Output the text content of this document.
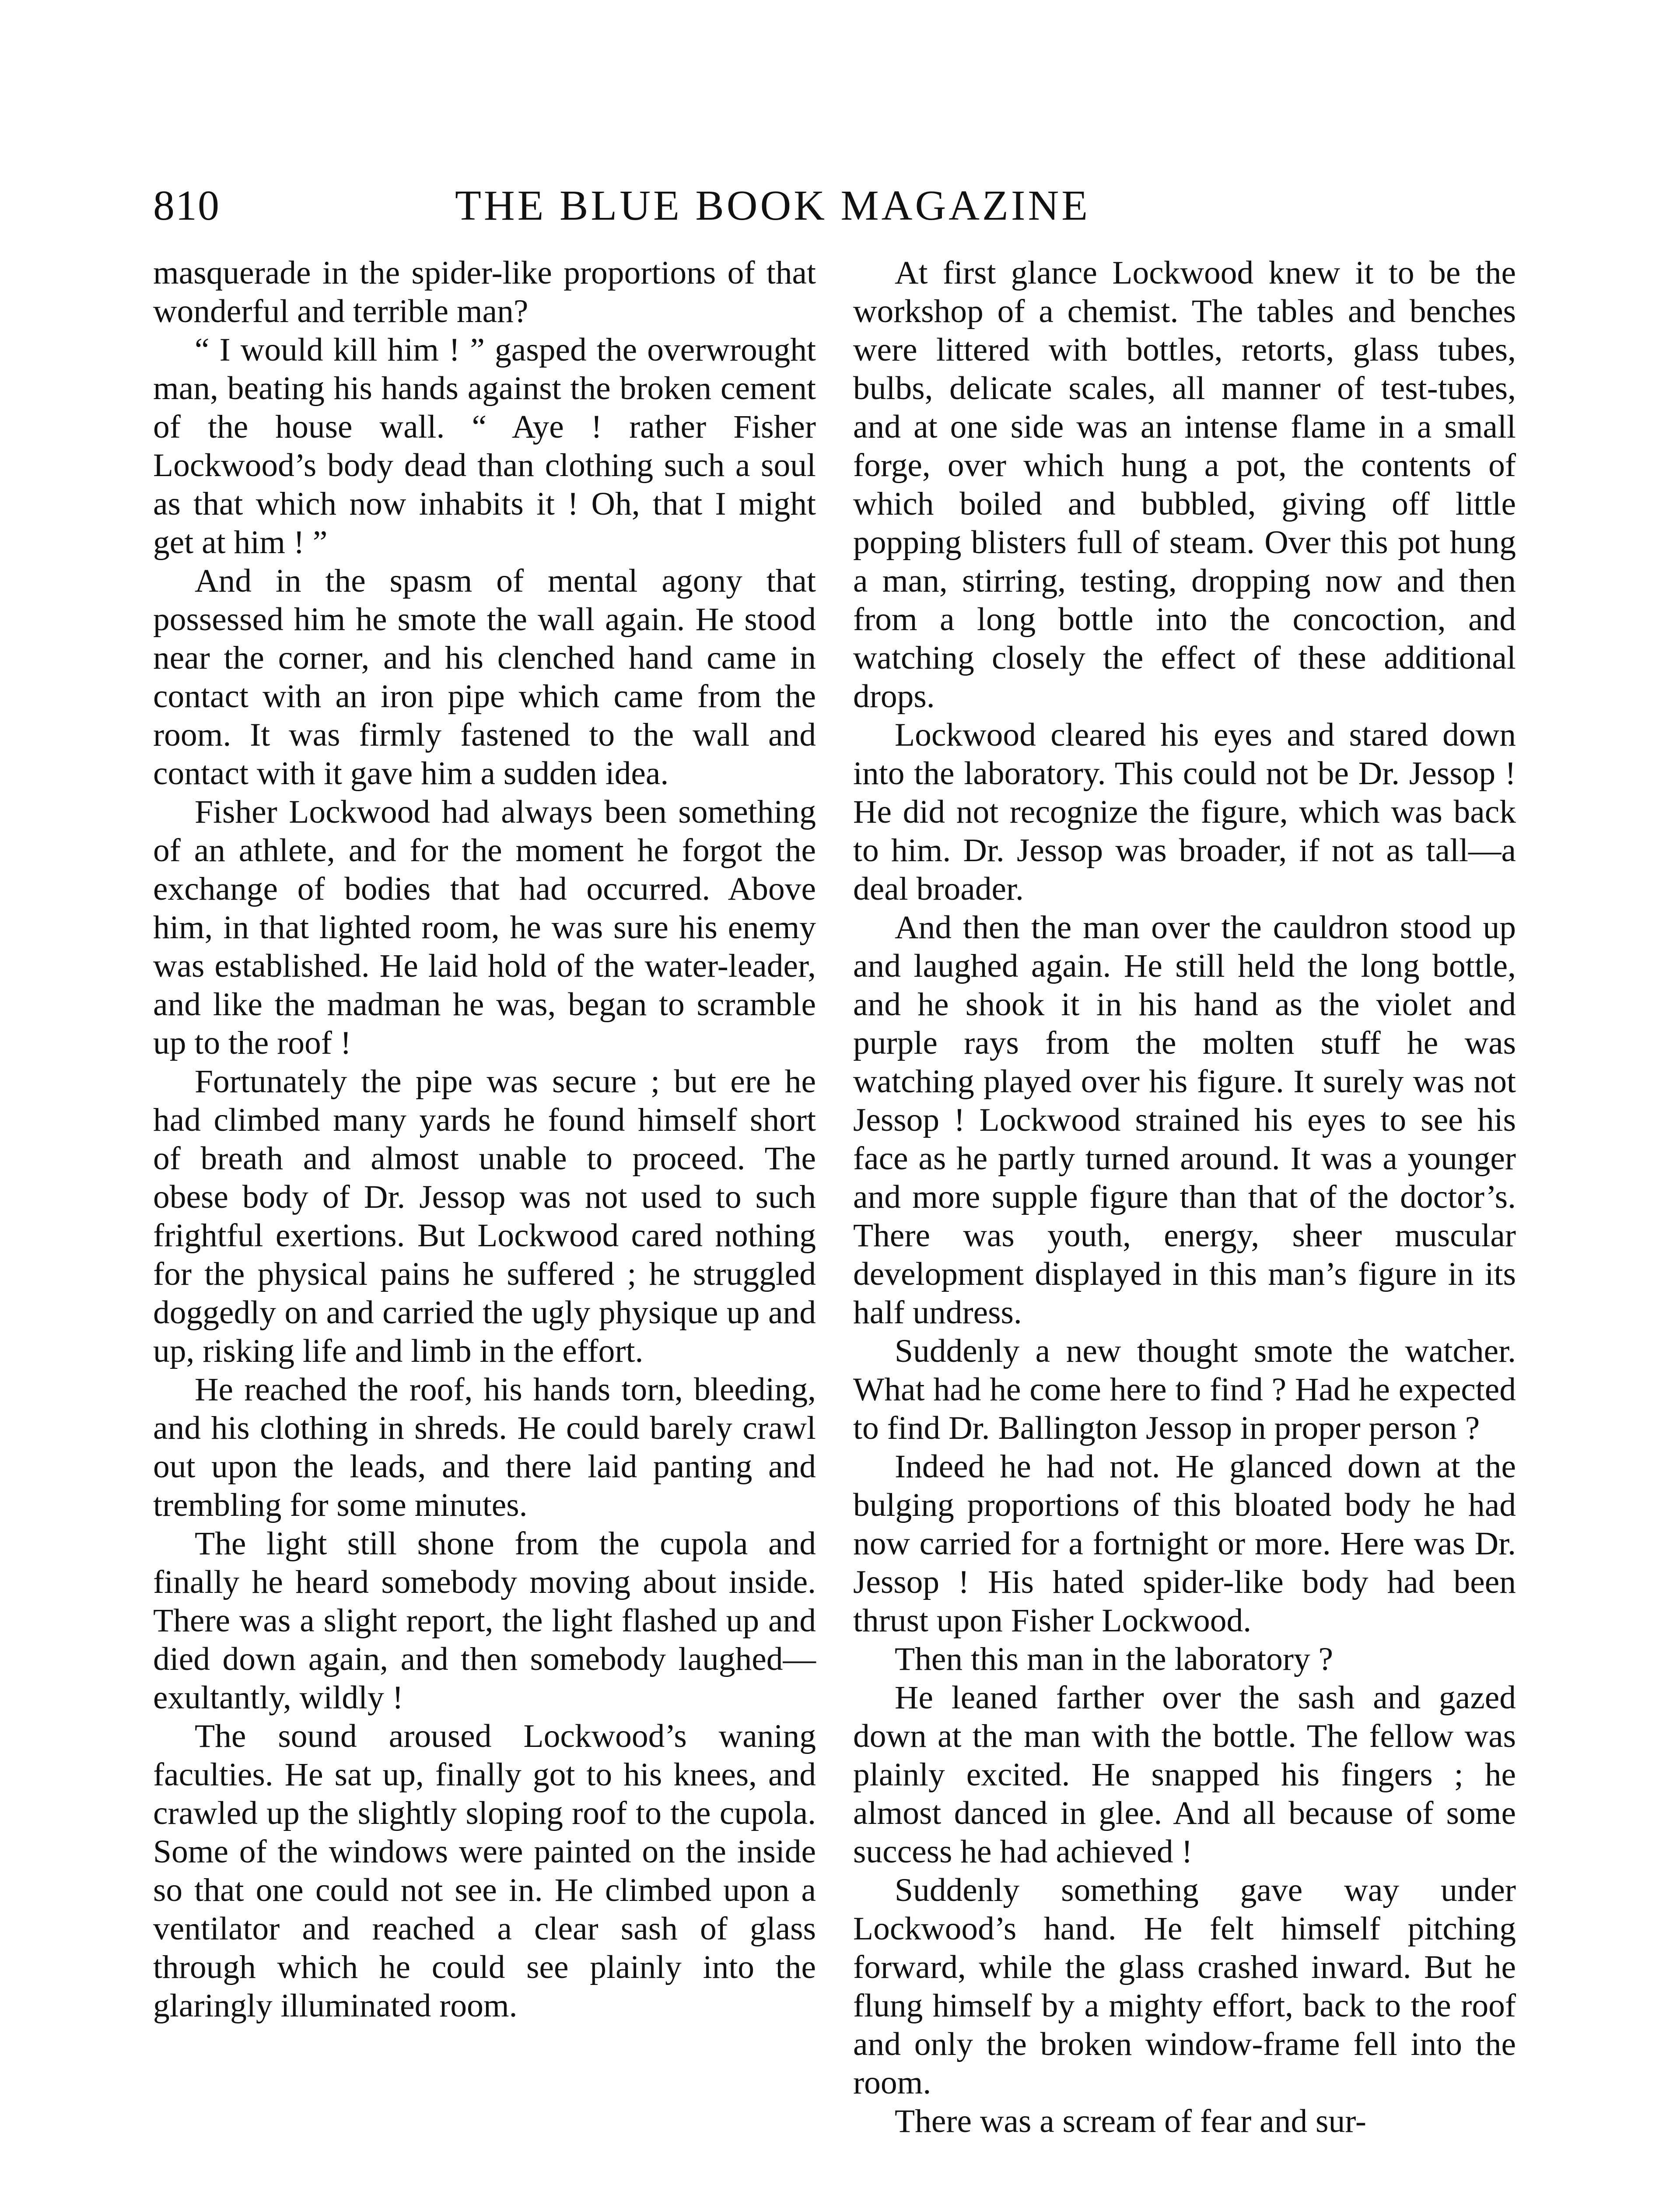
810	THE BLUE BOOK MAGAZINE

masquerade in the spider-like proportions of that wonderful and terrible man?

“ I would kill him ! ” gasped the overwrought man, beating his hands against the broken cement of the house wall. “ Aye ! rather Fisher Lockwood’s body dead than clothing such a soul as that which now inhabits it ! Oh, that I might get at him ! ”

And in the spasm of mental agony that possessed him he smote the wall again. He stood near the corner, and his clenched hand came in contact with an iron pipe which came from the room. It was firmly fastened to the wall and contact with it gave him a sudden idea.

Fisher Lockwood had always been something of an athlete, and for the moment he forgot the exchange of bodies that had occurred. Above him, in that lighted room, he was sure his enemy was established. He laid hold of the water-leader, and like the madman he was, began to scramble up to the roof !

Fortunately the pipe was secure ; but ere he had climbed many yards he found himself short of breath and almost unable to proceed. The obese body of Dr. Jessop was not used to such frightful exertions. But Lockwood cared nothing for the physical pains he suffered ; he struggled doggedly on and carried the ugly physique up and up, risking life and limb in the effort.

He reached the roof, his hands torn, bleeding, and his clothing in shreds. He could barely crawl out upon the leads, and there laid panting and trembling for some minutes.

The light still shone from the cupola and finally he heard somebody moving about inside. There was a slight report, the light flashed up and died down again, and then somebody laughed—exultantly, wildly !

The sound aroused Lockwood’s waning faculties. He sat up, finally got to his knees, and crawled up the slightly sloping roof to the cupola. Some of the windows were painted on the inside so that one could not see in. He climbed upon a ventilator and reached a clear sash of glass through which he could see plainly into the glaringly illuminated room.

At first glance Lockwood knew it to be the workshop of a chemist. The tables and benches were littered with bottles, retorts, glass tubes, bulbs, delicate scales, all manner of test-tubes, and at one side was an intense flame in a small forge, over which hung a pot, the contents of which boiled and bubbled, giving off little popping blisters full of steam. Over this pot hung a man, stirring, testing, dropping now and then from a long bottle into the concoction, and watching closely the effect of these additional drops.

Lockwood cleared his eyes and stared down into the laboratory. This could not be Dr. Jessop ! He did not recognize the figure, which was back to him. Dr. Jessop was broader, if not as tall—a deal broader.

And then the man over the cauldron stood up and laughed again. He still held the long bottle, and he shook it in his hand as the violet and purple rays from the molten stuff he was watching played over his figure. It surely was not Jessop ! Lockwood strained his eyes to see his face as he partly turned around. It was a younger and more supple figure than that of the doctor’s. There was youth, energy, sheer muscular development displayed in this man’s figure in its half undress.

Suddenly a new thought smote the watcher. What had he come here to find ? Had he expected to find Dr. Ballington Jessop in proper person ?

Indeed he had not. He glanced down at the bulging proportions of this bloated body he had now carried for a fortnight or more. Here was Dr. Jessop ! His hated spider-like body had been thrust upon Fisher Lockwood.

Then this man in the laboratory ?

He leaned farther over the sash and gazed down at the man with the bottle. The fellow was plainly excited. He snapped his fingers ; he almost danced in glee. And all because of some success he had achieved !

Suddenly something gave way under Lockwood’s hand. He felt himself pitching forward, while the glass crashed inward. But he flung himself by a mighty effort, back to the roof and only the broken window-frame fell into the room.

There was a scream of fear and sur-
